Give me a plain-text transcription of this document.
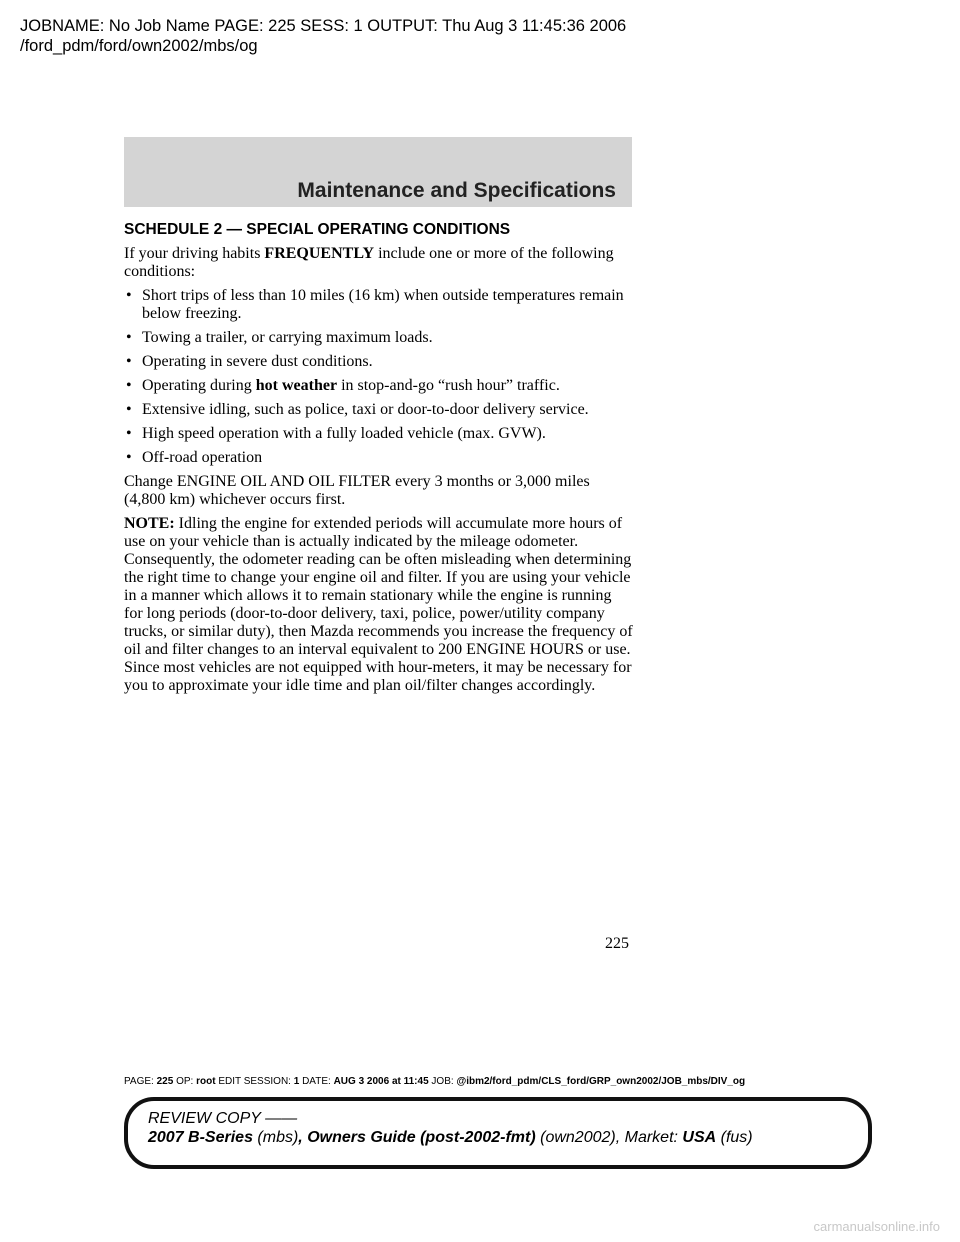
JOBNAME: No Job Name PAGE: 225 SESS: 1 OUTPUT: Thu Aug 3 11:45:36 2006
/ford_pdm/ford/own2002/mbs/og
Maintenance and Specifications
SCHEDULE 2 — SPECIAL OPERATING CONDITIONS

If your driving habits FREQUENTLY include one or more of the following conditions:

• Short trips of less than 10 miles (16 km) when outside temperatures remain below freezing.
• Towing a trailer, or carrying maximum loads.
• Operating in severe dust conditions.
• Operating during hot weather in stop-and-go “rush hour” traffic.
• Extensive idling, such as police, taxi or door-to-door delivery service.
• High speed operation with a fully loaded vehicle (max. GVW).
• Off-road operation

Change ENGINE OIL AND OIL FILTER every 3 months or 3,000 miles (4,800 km) whichever occurs first.

NOTE: Idling the engine for extended periods will accumulate more hours of use on your vehicle than is actually indicated by the mileage odometer. Consequently, the odometer reading can be often misleading when determining the right time to change your engine oil and filter. If you are using your vehicle in a manner which allows it to remain stationary while the engine is running for long periods (door-to-door delivery, taxi, police, power/utility company trucks, or similar duty), then Mazda recommends you increase the frequency of oil and filter changes to an interval equivalent to 200 ENGINE HOURS or use. Since most vehicles are not equipped with hour-meters, it may be necessary for you to approximate your idle time and plan oil/filter changes accordingly.

225
PAGE: 225 OP: root EDIT SESSION: 1 DATE: AUG 3 2006 at 11:45 JOB: @ibm2/ford_pdm/CLS_ford/GRP_own2002/JOB_mbs/DIV_og
REVIEW COPY ——
2007 B-Series (mbs), Owners Guide (post-2002-fmt) (own2002), Market: USA (fus)
carmanualsonline.info
